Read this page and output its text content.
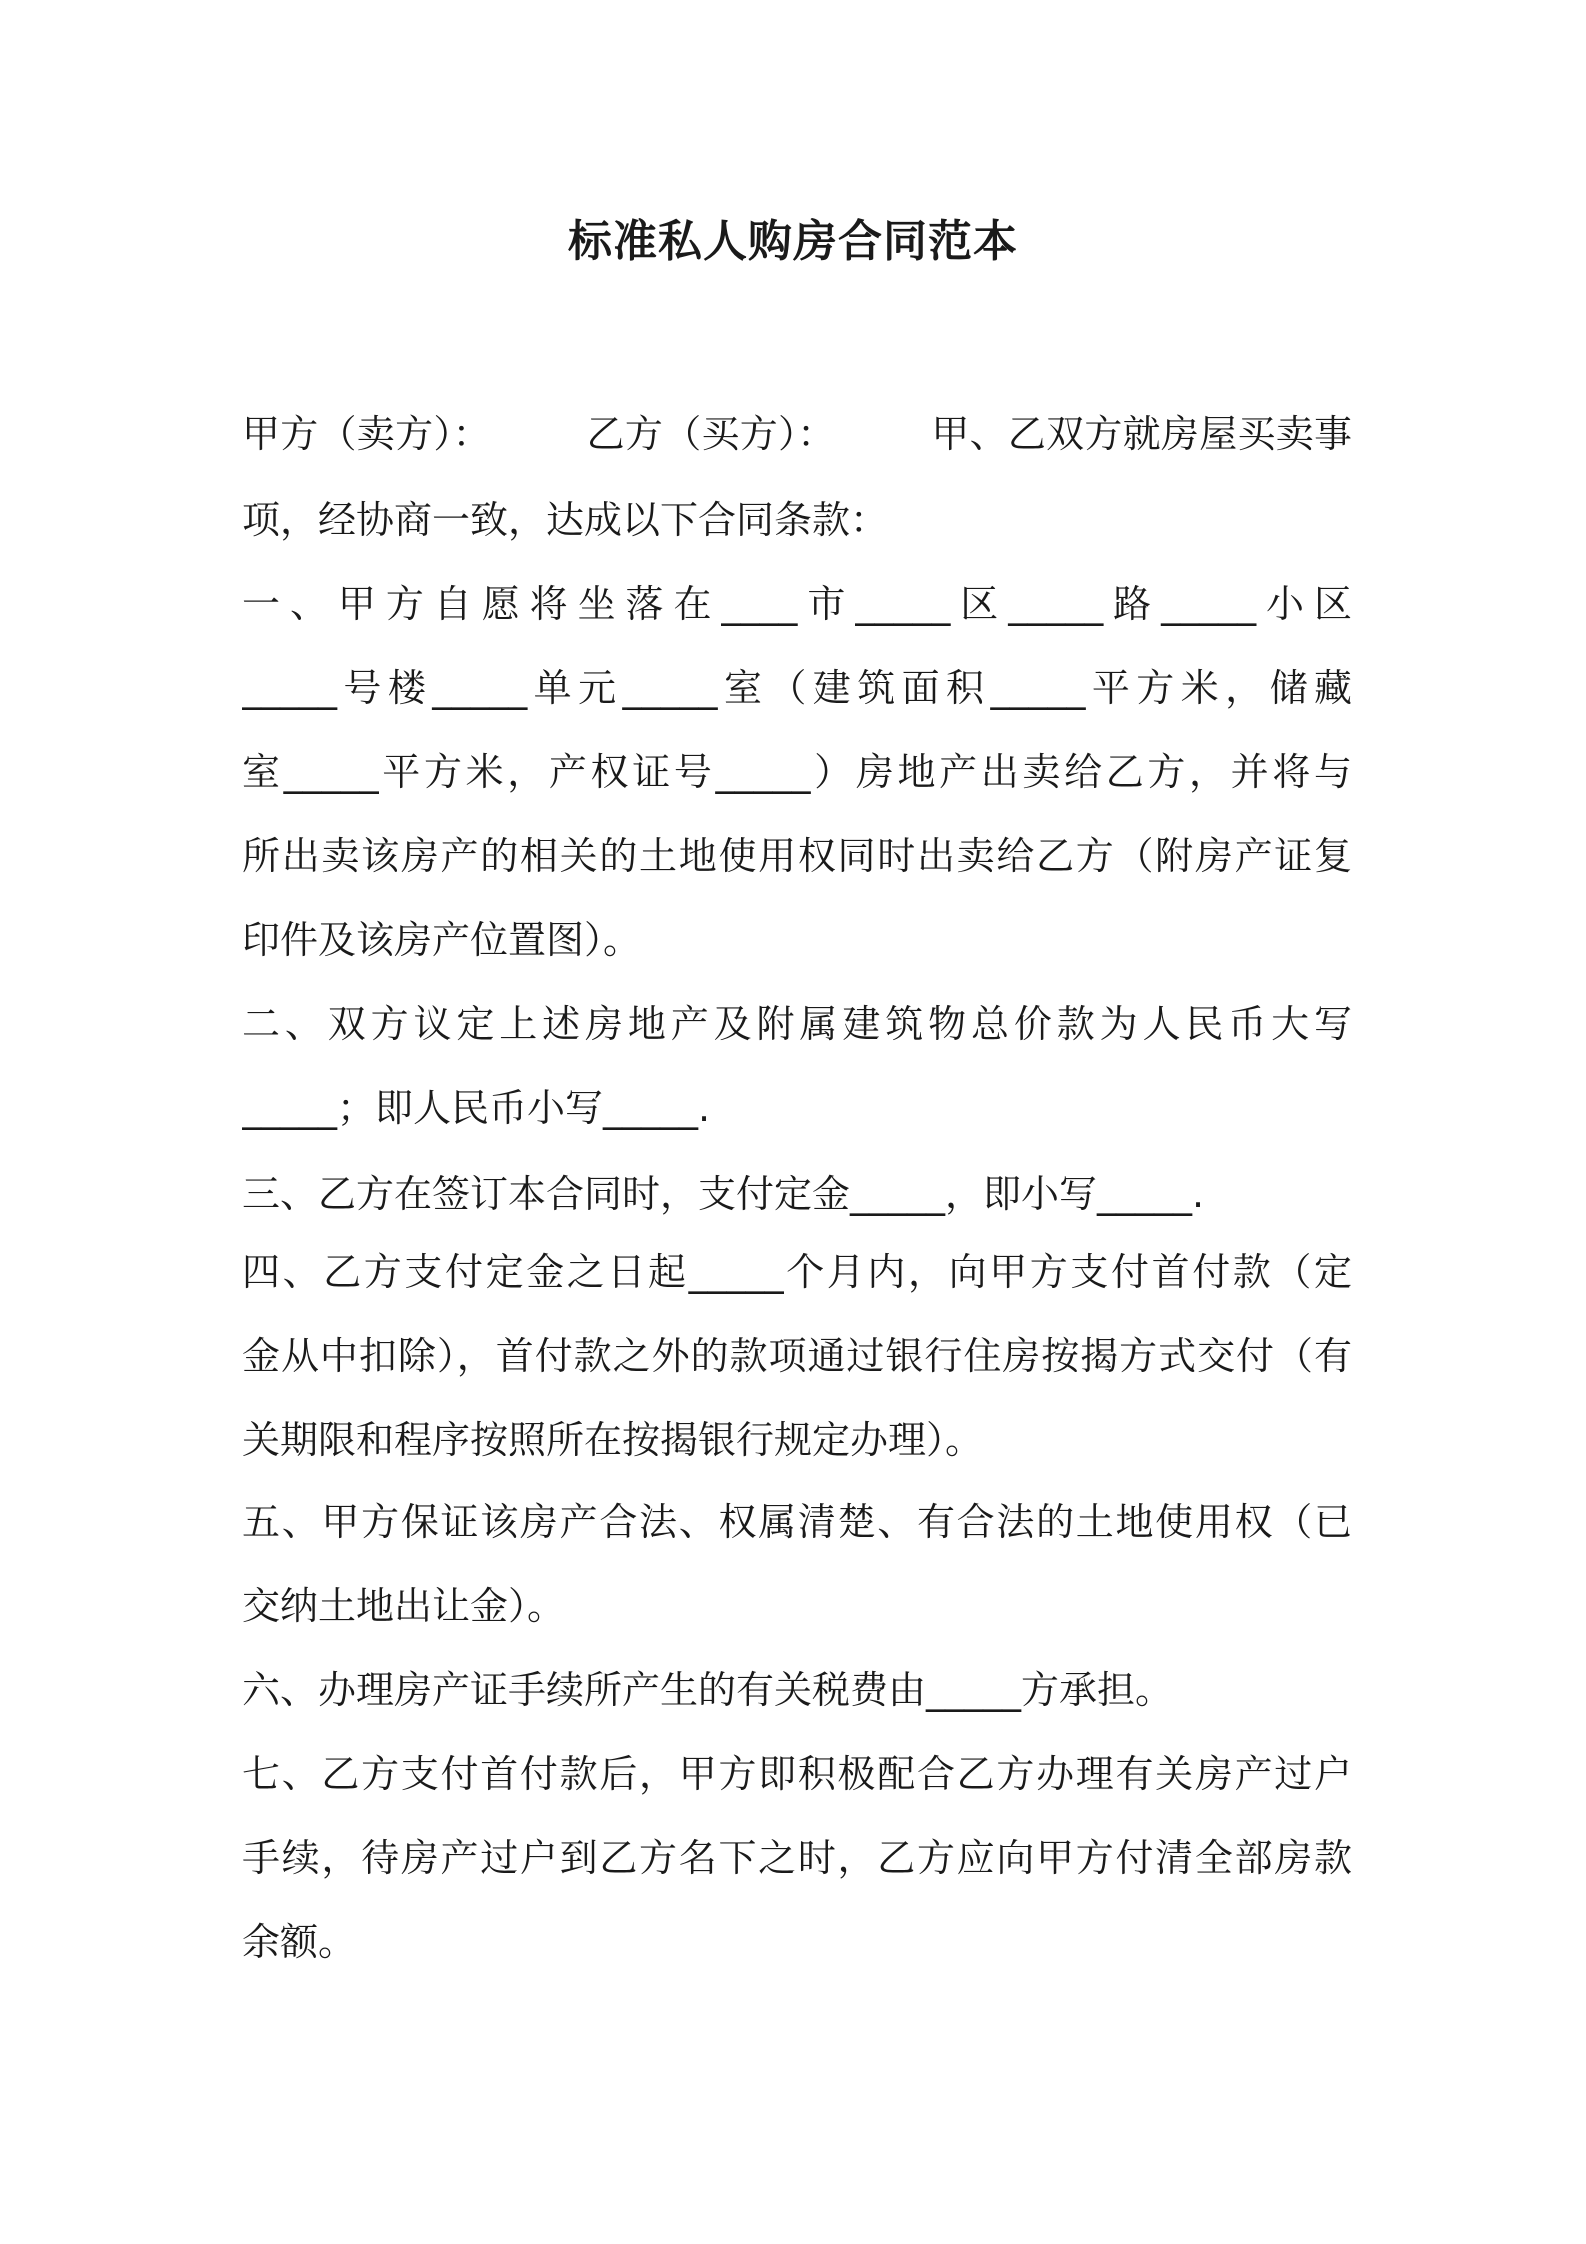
标准私人购房合同范本
甲方（卖方）：　　　乙方（买方）：　　　甲、乙双方就房屋买卖事
项，经协商一致，达成以下合同条款：
一、甲方自愿将坐落在____市_____区_____路_____小区
_____号楼_____单元_____室（建筑面积_____平方米，储藏
室_____平方米，产权证号_____）房地产出卖给乙方，并将与
所出卖该房产的相关的土地使用权同时出卖给乙方（附房产证复
印件及该房产位置图）。
二、双方议定上述房地产及附属建筑物总价款为人民币大写
_____；即人民币小写_____.
三、乙方在签订本合同时，支付定金_____，即小写_____.
四、乙方支付定金之日起_____个月内，向甲方支付首付款（定
金从中扣除），首付款之外的款项通过银行住房按揭方式交付（有
关期限和程序按照所在按揭银行规定办理）。
五、甲方保证该房产合法、权属清楚、有合法的土地使用权（已
交纳土地出让金）。
六、办理房产证手续所产生的有关税费由_____方承担。
七、乙方支付首付款后，甲方即积极配合乙方办理有关房产过户
手续，待房产过户到乙方名下之时，乙方应向甲方付清全部房款
余额。
